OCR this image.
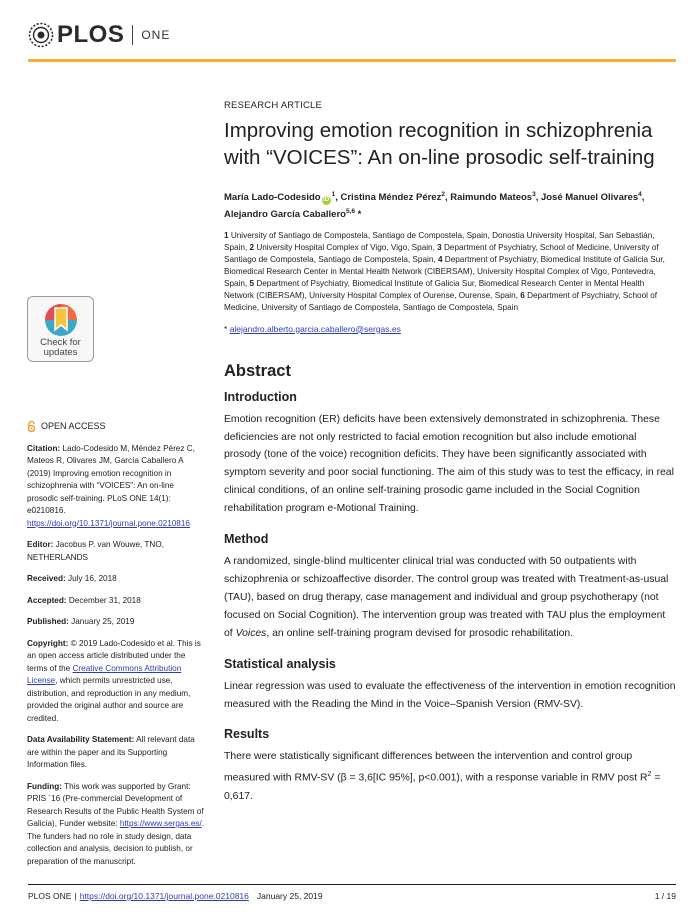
PLOS ONE
Check for
updates
OPEN ACCESS
Citation: Lado-Codesido M, Méndez Pérez C, Mateos R, Olivares JM, García Caballero A (2019) Improving emotion recognition in schizophrenia with “VOICES”: An on-line prosodic self-training. PLoS ONE 14(1): e0210816. https://doi.org/10.1371/journal.pone.0210816
Editor: Jacobus P. van Wouwe, TNO, NETHERLANDS
Received: July 16, 2018
Accepted: December 31, 2018
Published: January 25, 2019
Copyright: © 2019 Lado-Codesido et al. This is an open access article distributed under the terms of the Creative Commons Attribution License, which permits unrestricted use, distribution, and reproduction in any medium, provided the original author and source are credited.
Data Availability Statement: All relevant data are within the paper and its Supporting Information files.
Funding: This work was supported by Grant: PRIS ´16 (Pre-commercial Development of Research Results of the Public Health System of Galicia), Funder website: https://www.sergas.es/. The funders had no role in study design, data collection and analysis, decision to publish, or preparation of the manuscript.
RESEARCH ARTICLE
Improving emotion recognition in schizophrenia with “VOICES”: An on-line prosodic self-training
María Lado-Codesido $iD^1$, Cristina Méndez Pérez$^2$, Raimundo Mateos$^3$, José Manuel Olivares$^4$, Alejandro García Caballero$^{5,6}$ *
1 University of Santiago de Compostela, Santiago de Compostela, Spain, Donostia University Hospital, San Sebastián, Spain, 2 University Hospital Complex of Vigo, Vigo, Spain, 3 Department of Psychiatry, School of Medicine, University of Santiago de Compostela, Santiago de Compostela, Spain, 4 Department of Psychiatry, Biomedical Institute of Galicia Sur, Biomedical Research Center in Mental Health Network (CIBERSAM), University Hospital Complex of Vigo, Pontevedra, Spain, 5 Department of Psychiatry, Biomedical Institute of Galicia Sur, Biomedical Research Center in Mental Health Network (CIBERSAM), University Hospital Complex of Ourense, Ourense, Spain, 6 Department of Psychiatry, School of Medicine, University of Santiago de Compostela, Santiago de Compostela, Spain
* alejandro.alberto.garcia.caballero@sergas.es
Abstract
Introduction

Emotion recognition (ER) deficits have been extensively demonstrated in schizophrenia. These deficiencies are not only restricted to facial emotion recognition but also include emotional prosody (tone of the voice) recognition deficits. They have been significantly associated with symptom severity and poor social functioning. The aim of this study was to test the efficacy, in real clinical conditions, of an online self-training prosodic game included in the Social Cognition rehabilitation program e-Motional Training.

Method

A randomized, single-blind multicenter clinical trial was conducted with 50 outpatients with schizophrenia or schizoaffective disorder. The control group was treated with Treatment-as-usual (TAU), based on drug therapy, case management and individual and group psychotherapy (not focused on Social Cognition). The intervention group was treated with TAU plus the employment of Voices, an online self-training program devised for prosodic rehabilitation.

Statistical analysis

Linear regression was used to evaluate the effectiveness of the intervention in emotion recognition measured with the Reading the Mind in the Voice–Spanish Version (RMV-SV).

Results

There were statistically significant differences between the intervention and control group measured with RMV-SV (β = 3,6[IC 95%], p<0.001), with a response variable in RMV post $R^2 = 0,617$.

PLOS ONE | https://doi.org/10.1371/journal.pone.0210816 January 25, 2019	1 / 19
